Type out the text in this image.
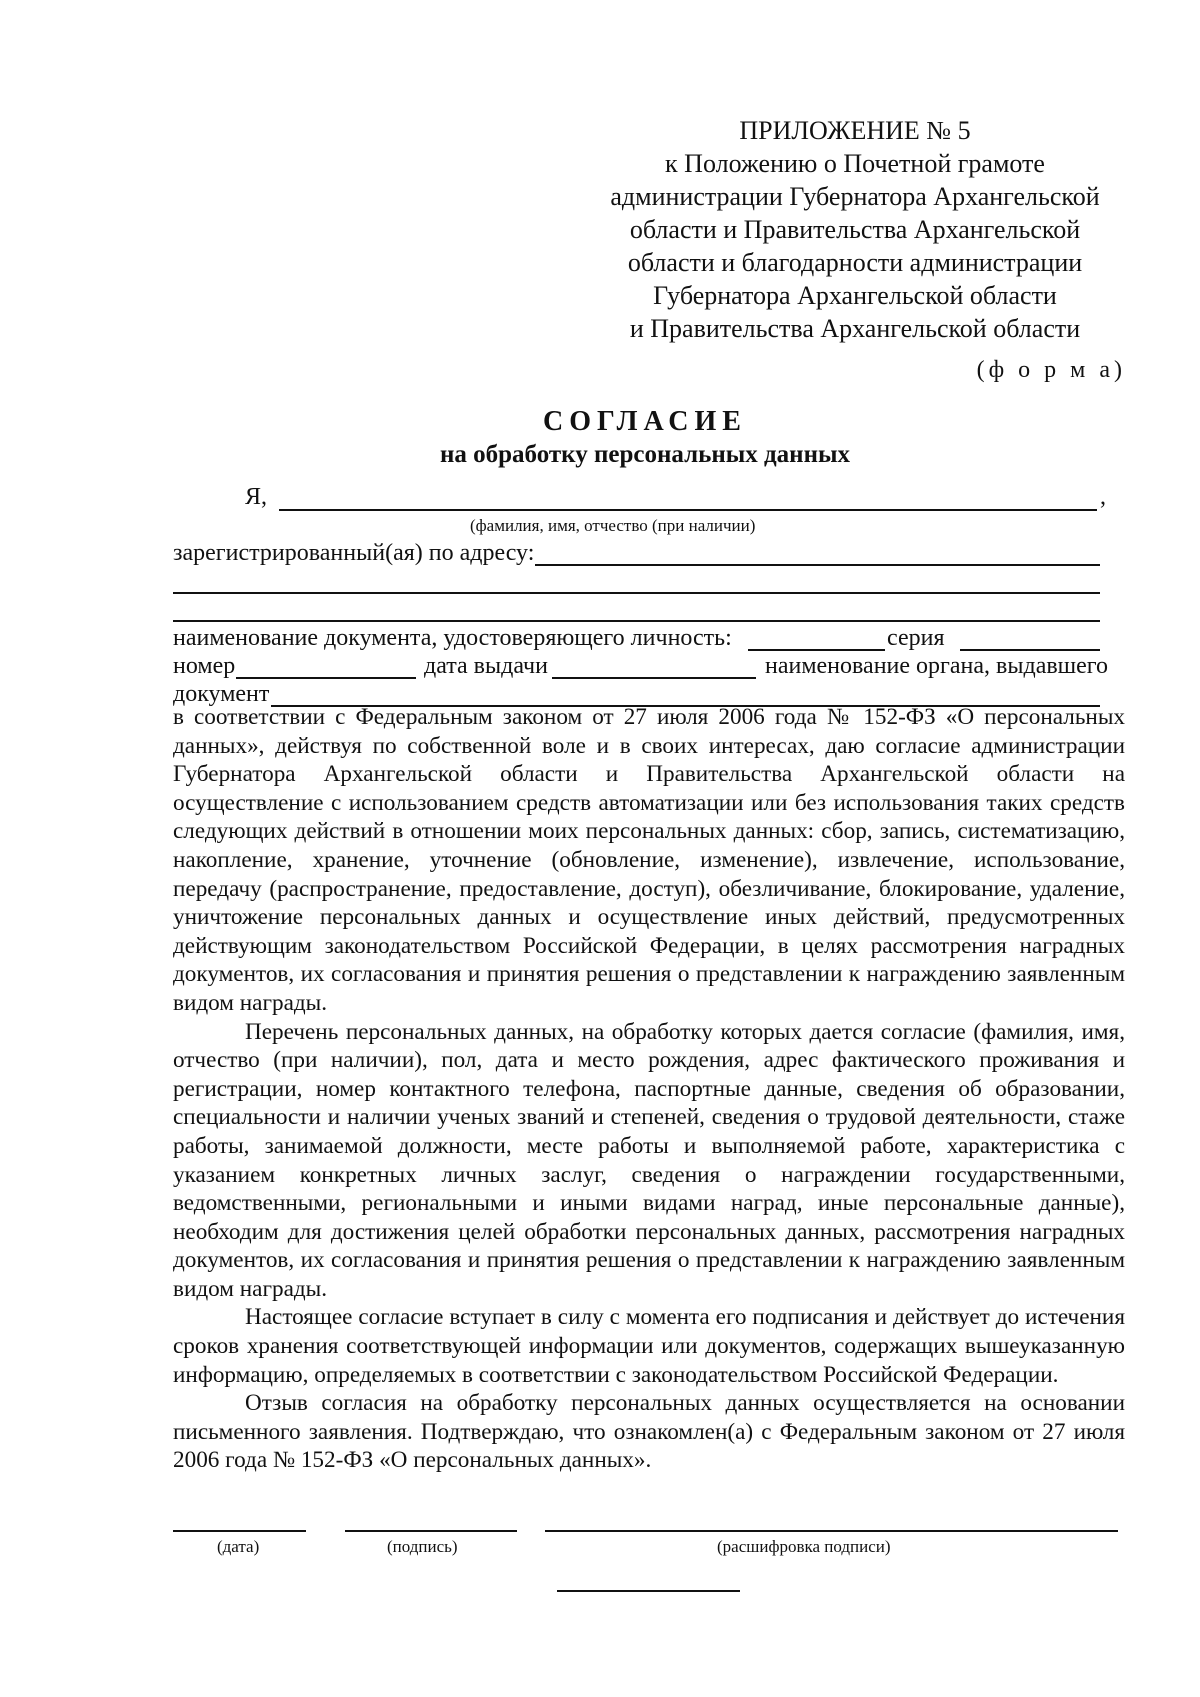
ПРИЛОЖЕНИЕ № 5
к Положению о Почетной грамоте
администрации Губернатора Архангельской
области и Правительства Архангельской
области и благодарности администрации
Губернатора Архангельской области
и Правительства Архангельской области
(ф о р м а)
СОГЛАСИЕ
на обработку персональных данных
Я,	,
(фамилия, имя, отчество (при наличии)
зарегистрированный(ая) по адресу:
наименование документа, удостоверяющего личность:	серия
номер	дата выдачи	наименование органа, выдавшего
документ

в соответствии с Федеральным законом от 27 июля 2006 года № 152-ФЗ «О персональных данных», действуя по собственной воле и в своих интересах, даю согласие администрации Губернатора Архангельской области и Правительства Архангельской области на осуществление с использованием средств автоматизации или без использования таких средств следующих действий в отношении моих персональных данных: сбор, запись, систематизацию, накопление, хранение, уточнение (обновление, изменение), извлечение, использование, передачу (распространение, предоставление, доступ), обезличивание, блокирование, удаление, уничтожение персональных данных и осуществление иных действий, предусмотренных действующим законодательством Российской Федерации, в целях рассмотрения наградных документов, их согласования и принятия решения о представлении к награждению заявленным видом награды.

Перечень персональных данных, на обработку которых дается согласие (фамилия, имя, отчество (при наличии), пол, дата и место рождения, адрес фактического проживания и регистрации, номер контактного телефона, паспортные данные, сведения об образовании, специальности и наличии ученых званий и степеней, сведения о трудовой деятельности, стаже работы, занимаемой должности, месте работы и выполняемой работе, характеристика с указанием конкретных личных заслуг, сведения о награждении государственными, ведомственными, региональными и иными видами наград, иные персональные данные), необходим для достижения целей обработки персональных данных, рассмотрения наградных документов, их согласования и принятия решения о представлении к награждению заявленным видом награды.

Настоящее согласие вступает в силу с момента его подписания и действует до истечения сроков хранения соответствующей информации или документов, содержащих вышеуказанную информацию, определяемых в соответствии с законодательством Российской Федерации.

Отзыв согласия на обработку персональных данных осуществляется на основании письменного заявления. Подтверждаю, что ознакомлен(а) с Федеральным законом от 27 июля 2006 года № 152-ФЗ «О персональных данных».

(дата)	(подпись)	(расшифровка подписи)
